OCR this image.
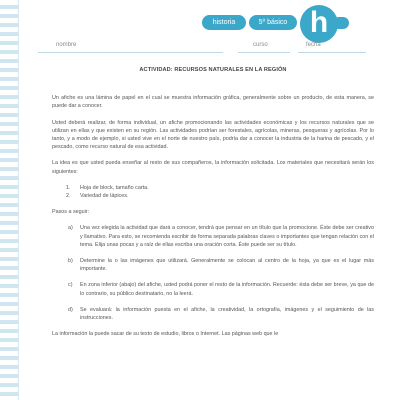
historia	5º básico h
nombre	curso	fecha
ACTIVIDAD: RECURSOS NATURALES EN LA REGIÓN

Un afiche es una lámina de papel en el cual se muestra información gráfica, generalmente sobre un producto, de esta manera, se puede dar a conocer.

Usted deberá realizar, de forma individual, un afiche promocionando las actividades económicas y los recursos naturales que se utilizan en ellas y que existen en su región. Las actividades podrían ser forestales, agrícolas, mineras, pesqueras y agrícolas. Por lo tanto, y a modo de ejemplo, si usted vive en el norte de nuestro país, podría dar a conocer la industria de la harina de pescado, y el pescado, como recurso natural de esa actividad.

La idea es que usted pueda enseñar al resto de sus compañeros, la información solicitada. Los materiales que necesitará serán los siguientes:

1.	Hoja de block, tamaño carta.
2.	Variedad de lápices.

Pasos a seguir:

a)	Una vez elegida la actividad que dará a conocer, tendrá que pensar en un título que la promocione. Éste debe ser creativo y llamativo. Para esto, se recomienda escribir de forma separada palabras claves o importantes que tengan relación con el tema. Elija unas pocas y a raíz de ellas escriba una oración corta. Éste puede ser su título.
b)	Determine la o las imágenes que utilizará. Generalmente se colocan al centro de la hoja, ya que es el lugar más importante.
c)	En zona inferior (abajo) del afiche, usted podrá poner el resto de la información. Recuerde: ésta debe ser breve, ya que de lo contrario, su público destinatario, no la leerá.
d)	Se evaluará: la información puesta en el afiche, la creatividad, la ortografía, imágenes y el seguimiento de las instrucciones.

La información la puede sacar de su texto de estudio, libros o Internet. Las páginas web que le
